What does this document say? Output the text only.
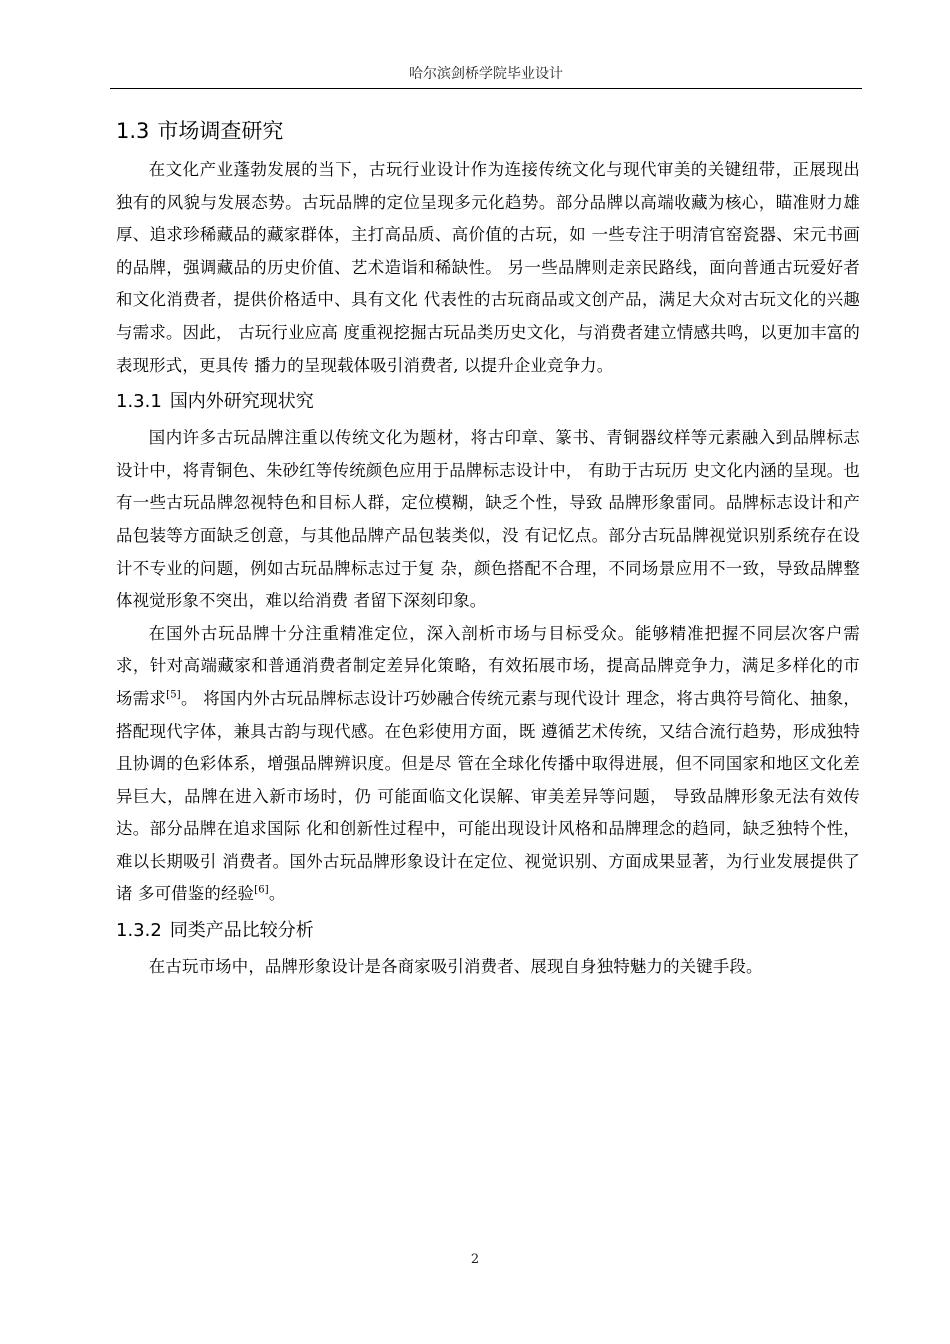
哈尔滨剑桥学院毕业设计
1.3 市场调查研究

在文化产业蓬勃发展的当下，古玩行业设计作为连接传统文化与现代审美的关键纽带，正展现出独有的风貌与发展态势。古玩品牌的定位呈现多元化趋势。部分品牌以高端收藏为核心，瞄准财力雄厚、追求珍稀藏品的藏家群体，主打高品质、高价值的古玩，如 一些专注于明清官窑瓷器、宋元书画的品牌，强调藏品的历史价值、艺术造诣和稀缺性。 另一些品牌则走亲民路线，面向普通古玩爱好者和文化消费者，提供价格适中、具有文化 代表性的古玩商品或文创产品，满足大众对古玩文化的兴趣与需求。因此， 古玩行业应高 度重视挖掘古玩品类历史文化，与消费者建立情感共鸣，以更加丰富的表现形式，更具传 播力的呈现载体吸引消费者, 以提升企业竞争力。

1.3.1 国内外研究现状究

国内许多古玩品牌注重以传统文化为题材，将古印章、篆书、青铜器纹样等元素融入到品牌标志设计中，将青铜色、朱砂红等传统颜色应用于品牌标志设计中， 有助于古玩历 史文化内涵的呈现。也有一些古玩品牌忽视特色和目标人群，定位模糊，缺乏个性，导致 品牌形象雷同。品牌标志设计和产品包装等方面缺乏创意，与其他品牌产品包装类似，没 有记忆点。部分古玩品牌视觉识别系统存在设计不专业的问题，例如古玩品牌标志过于复 杂，颜色搭配不合理，不同场景应用不一致，导致品牌整体视觉形象不突出，难以给消费 者留下深刻印象。

在国外古玩品牌十分注重精准定位，深入剖析市场与目标受众。能够精准把握不同层次客户需求，针对高端藏家和普通消费者制定差异化策略，有效拓展市场，提高品牌竞争力，满足多样化的市场需求[5]。 将国内外古玩品牌标志设计巧妙融合传统元素与现代设计 理念，将古典符号简化、抽象，搭配现代字体，兼具古韵与现代感。在色彩使用方面，既 遵循艺术传统，又结合流行趋势，形成独特且协调的色彩体系，增强品牌辨识度。但是尽 管在全球化传播中取得进展，但不同国家和地区文化差异巨大，品牌在进入新市场时，仍 可能面临文化误解、审美差异等问题， 导致品牌形象无法有效传达。部分品牌在追求国际 化和创新性过程中，可能出现设计风格和品牌理念的趋同，缺乏独特个性，难以长期吸引 消费者。国外古玩品牌形象设计在定位、视觉识别、方面成果显著，为行业发展提供了诸 多可借鉴的经验[6]。

1.3.2 同类产品比较分析

在古玩市场中，品牌形象设计是各商家吸引消费者、展现自身独特魅力的关键手段。

2
